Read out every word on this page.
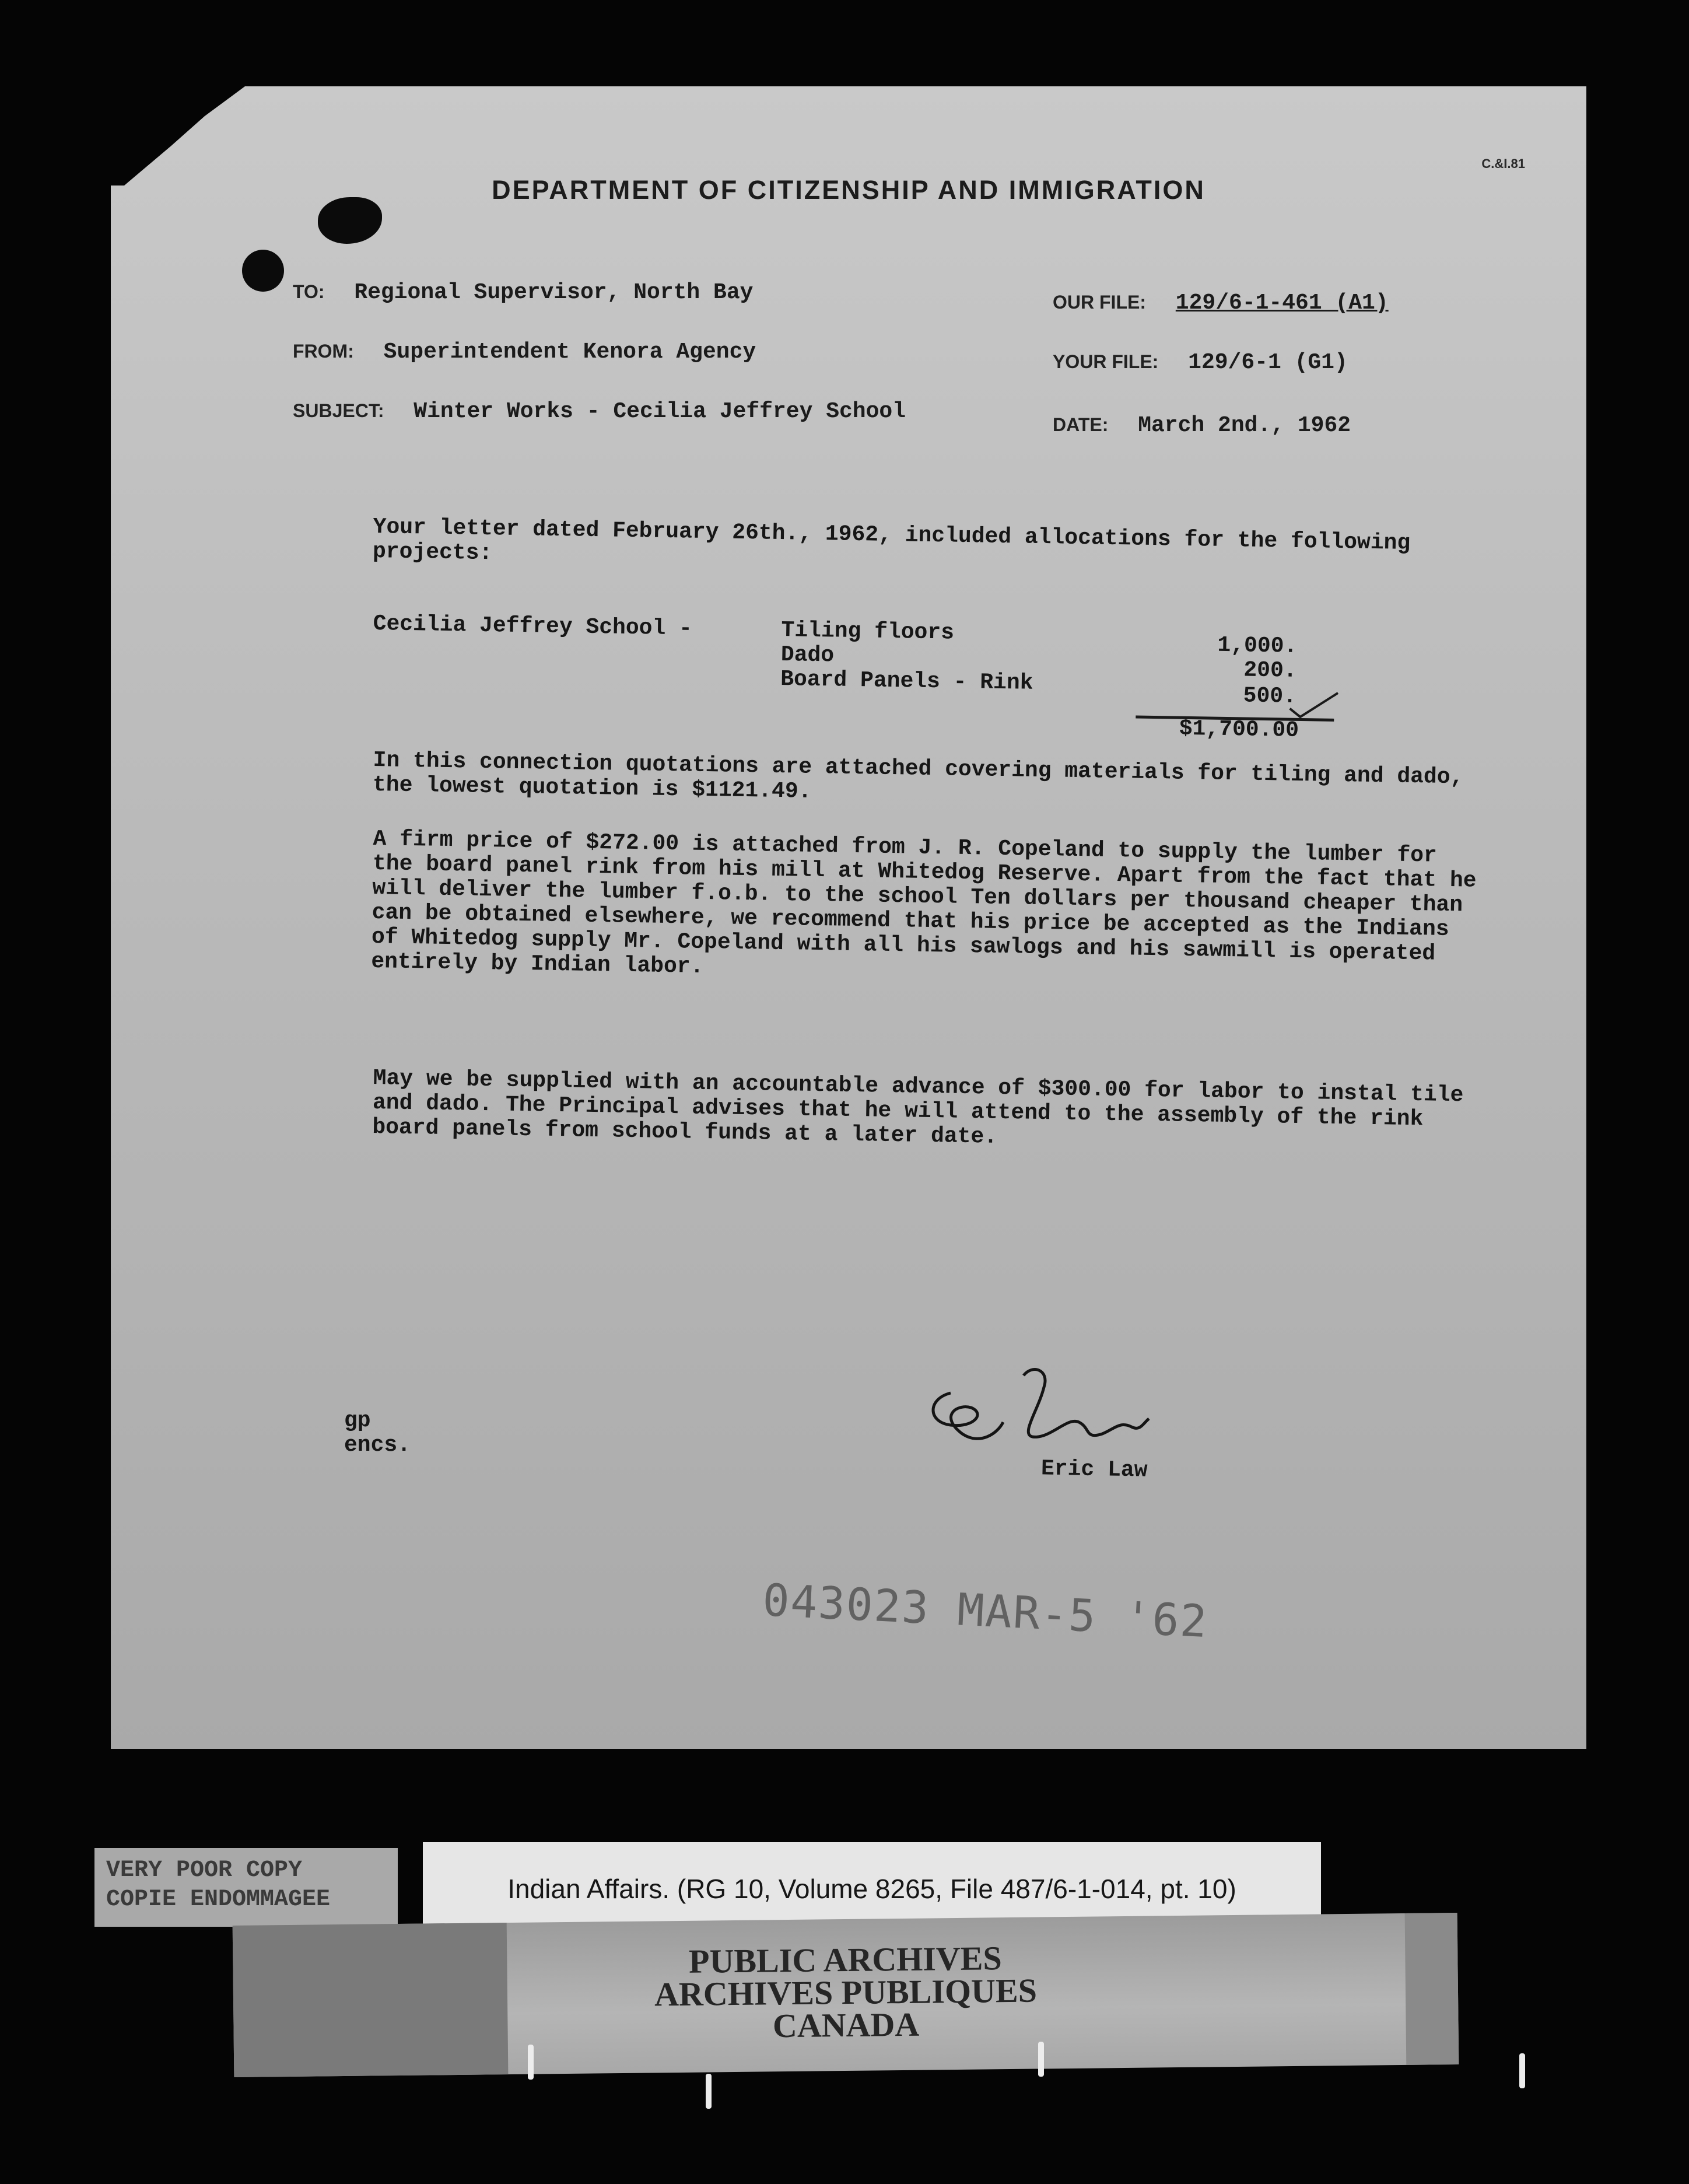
C.&I.81
DEPARTMENT OF CITIZENSHIP AND IMMIGRATION
TO: Regional Supervisor, North Bay
FROM: Superintendent Kenora Agency
SUBJECT: Winter Works - Cecilia Jeffrey School
OUR FILE: 129/6-1-461 (A1)
YOUR FILE: 129/6-1 (G1)
DATE: March 2nd., 1962
Your letter dated February 26th., 1962, included allocations for the following projects:
Cecilia Jeffrey School -	Tiling floors
1,000.
Dado
200.
Board Panels - Rink
500.
$1,700.00
In this connection quotations are attached covering materials for tiling and dado, the lowest quotation is $1121.49.
A firm price of $272.00 is attached from J. R. Copeland to supply the lumber for the board panel rink from his mill at Whitedog Reserve. Apart from the fact that he will deliver the lumber f.o.b. to the school Ten dollars per thousand cheaper than can be obtained elsewhere, we recommend that his price be accepted as the Indians of Whitedog supply Mr. Copeland with all his sawlogs and his sawmill is operated entirely by Indian labor.
May we be supplied with an accountable advance of $300.00 for labor to instal tile and dado. The Principal advises that he will attend to the assembly of the rink board panels from school funds at a later date.
gp
encs.
Eric Law
043023 MAR-5 '62
VERY POOR COPY
COPIE ENDOMMAGEE	Indian Affairs. (RG 10, Volume 8265, File 487/6-1-014, pt. 10)
PUBLIC ARCHIVES
ARCHIVES PUBLIQUES
CANADA
